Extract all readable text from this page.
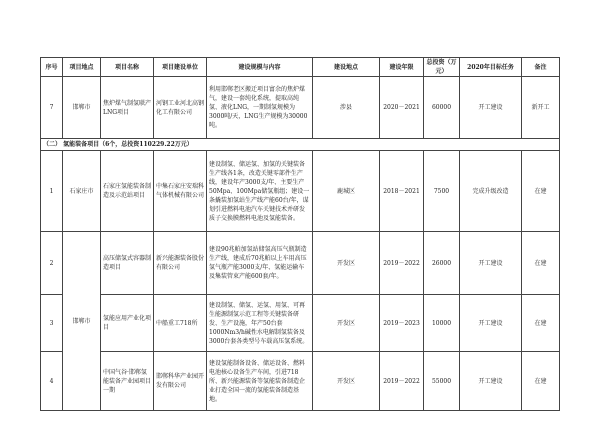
序号	项目地点	项目名称	项目建设单位	建设规模与内容	建设地点	建设年限	总投资（万元）	2020年目标任务	备注
7	邯郸市	焦炉煤气制氢联产LNG项目	河钢工业河北高钢化工有限公司	利用邯郸老区搬迁项目富余的焦炉煤气，建设一套纯化系统，提取高纯氢、液化LNG，一期制氢规模为3000吨/天，LNG生产规模为30000吨。	涉县	2020－2021	60000	开工建设	新开工
（二） 氢能装备项目（6个，总投资110229.22万元）									
1	石家庄市	石家庄氢能装备制造及示范站项目	中集石家庄安瑞科气体机械有限公司	建设制氢、储运氢、加氢的关键装备生产线各1条，改造关键零部件生产线，建设年产3000支/年、主要生产50Mpa、100Mpa储氢瓶组；建设一条撬装加氢站生产线产能60台/年，谋划引进燃料电池汽车关键技术并研发质子交换膜燃料电池及氢能装备。	鹿城区	2018－2021	7500	完成升级改造	在建
2	邯郸市	高压储氢式容器制造项目	新兴能源装备股份有限公司	建设90兆帕加氢站储氢高压气瓶制造生产线，建成后70兆帕以上车用高压氢气瓶产能3000支/年、氢能运输车及集装管束产能600套/年。	开发区	2019－2022	26000	开工建设	在建
3		氢能应用产业化项目	中船重工718所	建设制氢、储氢、运氢、用氢、可再生能源制氢示范工程等关键装备研发、生产设施，年产50台套1000Nm3/h碱性水电解制氢装备及3000台套各类型号车载高压氢系统。	开发区	2019－2023	10000	开工建设	在建
4		中国气谷·邯郸氢能装备产业园项目一期	邯郸科华产业园开发有限公司	建设氢能制备设备、储运设备、燃料电池核心设备生产车间，引进718所、新兴能源装备等氢能装备制造企业打造全国一流的氢能装备制造基地。	开发区	2019－2022	55000	开工建设	在建
